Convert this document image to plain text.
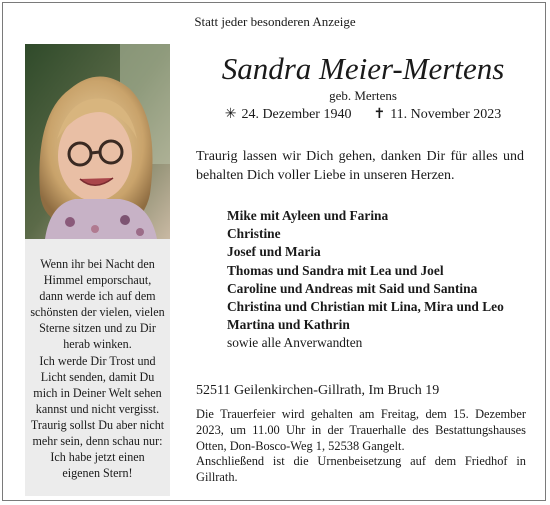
Statt jeder besonderen Anzeige
Wenn ihr bei Nacht den
Himmel emporschaut,
dann werde ich auf dem
schönsten der vielen, vielen
Sterne sitzen und zu Dir
herab winken.
Ich werde Dir Trost und
Licht senden, damit Du
mich in Deiner Welt sehen
kannst und nicht vergisst.
Traurig sollst Du aber nicht
mehr sein, denn schau nur:
Ich habe jetzt einen
eigenen Stern!
Sandra Meier-Mertens
geb. Mertens
✳ 24. Dezember 1940 ✝ 11. November 2023
Traurig lassen wir Dich gehen, danken Dir für alles und behalten Dich voller Liebe in unseren Herzen.
Mike mit Ayleen und Farina
Christine
Josef und Maria
Thomas und Sandra mit Lea und Joel
Caroline und Andreas mit Said und Santina
Christina und Christian mit Lina, Mira und Leo
Martina und Kathrin
sowie alle Anverwandten
52511 Geilenkirchen-Gillrath, Im Bruch 19

Die Trauerfeier wird gehalten am Freitag, dem 15. Dezember 2023, um 11.00 Uhr in der Trauerhalle des Bestattungshauses Otten, Don-Bosco-Weg 1, 52538 Gangelt.

Anschließend ist die Urnenbeisetzung auf dem Friedhof in Gillrath.
